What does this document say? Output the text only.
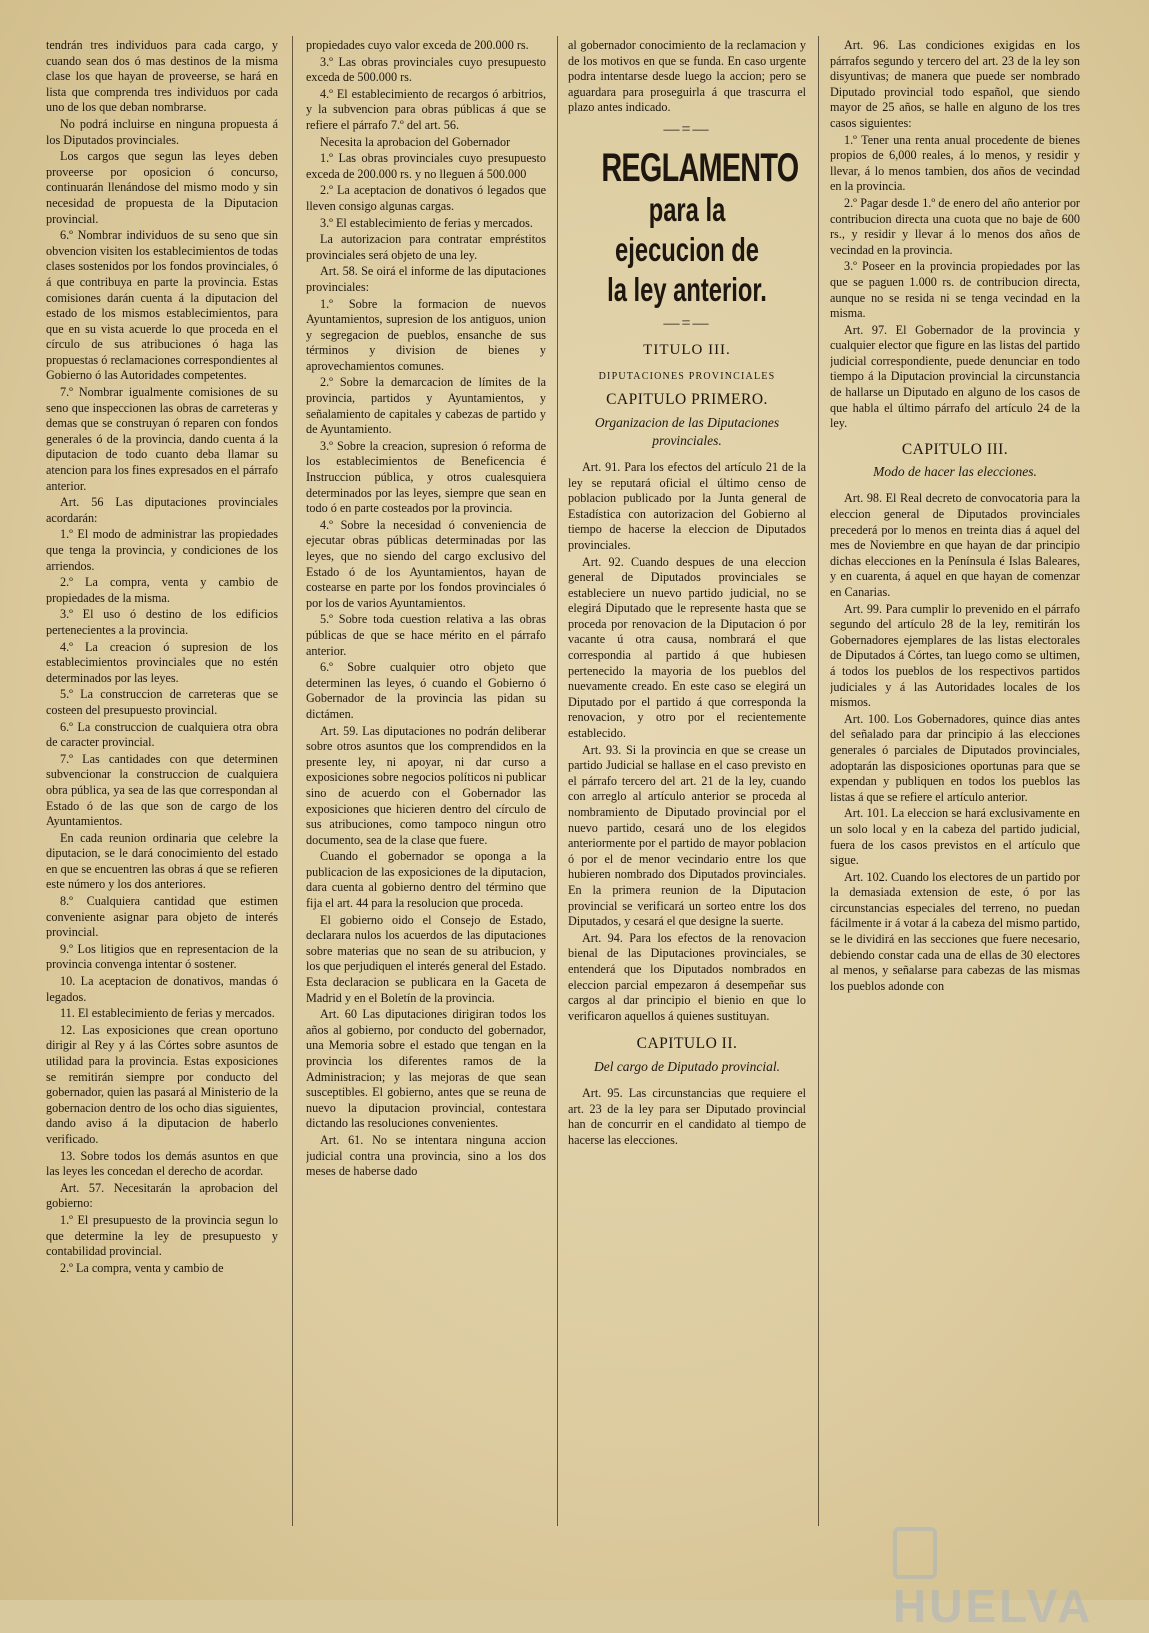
tendrán tres individuos para cada cargo, y cuando sean dos ó mas destinos de la misma clase los que hayan de proveerse, se hará en lista que comprenda tres individuos por cada uno de los que deban nombrarse.

No podrá incluirse en ninguna propuesta á los Diputados provinciales.

Los cargos que segun las leyes deben proveerse por oposicion ó concurso, continuarán llenándose del mismo modo y sin necesidad de propuesta de la Diputacion provincial.

6.º Nombrar individuos de su seno que sin obvencion visiten los establecimientos de todas clases sostenidos por los fondos provinciales, ó á que contribuya en parte la provincia. Estas comisiones darán cuenta á la diputacion del estado de los mismos establecimientos, para que en su vista acuerde lo que proceda en el círculo de sus atribuciones ó haga las propuestas ó reclamaciones correspondientes al Gobierno ó las Autoridades competentes.

7.º Nombrar igualmente comisiones de su seno que inspeccionen las obras de carreteras y demas que se construyan ó reparen con fondos generales ó de la provincia, dando cuenta á la diputacion de todo cuanto deba llamar su atencion para los fines expresados en el párrafo anterior.

Art. 56 Las diputaciones provinciales acordarán:

1.º El modo de administrar las propiedades que tenga la provincia, y condiciones de los arriendos.

2.º La compra, venta y cambio de propiedades de la misma.

3.º El uso ó destino de los edificios pertenecientes a la provincia.

4.º La creacion ó supresion de los establecimientos provinciales que no estén determinados por las leyes.

5.º La construccion de carreteras que se costeen del presupuesto provincial.

6.º La construccion de cualquiera otra obra de caracter provincial.

7.º Las cantidades con que determinen subvencionar la construccion de cualquiera obra pública, ya sea de las que correspondan al Estado ó de las que son de cargo de los Ayuntamientos.

En cada reunion ordinaria que celebre la diputacion, se le dará conocimiento del estado en que se encuentren las obras á que se refieren este número y los dos anteriores.

8.º Cualquiera cantidad que estimen conveniente asignar para objeto de interés provincial.

9.º Los litigios que en representacion de la provincia convenga intentar ó sostener.

10. La aceptacion de donativos, mandas ó legados.

11. El establecimiento de ferias y mercados.

12. Las exposiciones que crean oportuno dirigir al Rey y á las Córtes sobre asuntos de utilidad para la provincia. Estas exposiciones se remitirán siempre por conducto del gobernador, quien las pasará al Ministerio de la gobernacion dentro de los ocho dias siguientes, dando aviso á la diputacion de haberlo verificado.

13. Sobre todos los demás asuntos en que las leyes les concedan el derecho de acordar.

Art. 57. Necesitarán la aprobacion del gobierno:

1.º El presupuesto de la provincia segun lo que determine la ley de presupuesto y contabilidad provincial.

2.º La compra, venta y cambio de

propiedades cuyo valor exceda de 200.000 rs.

3.º Las obras provinciales cuyo presupuesto exceda de 500.000 rs.

4.º El establecimiento de recargos ó arbitrios, y la subvencion para obras públicas á que se refiere el párrafo 7.º del art. 56.

Necesita la aprobacion del Gobernador

1.º Las obras provinciales cuyo presupuesto exceda de 200.000 rs. y no lleguen á 500.000

2.º La aceptacion de donativos ó legados que lleven consigo algunas cargas.

3.º El establecimiento de ferias y mercados.

La autorizacion para contratar empréstitos provinciales será objeto de una ley.

Art. 58. Se oirá el informe de las diputaciones provinciales:

1.º Sobre la formacion de nuevos Ayuntamientos, supresion de los antiguos, union y segregacion de pueblos, ensanche de sus términos y division de bienes y aprovechamientos comunes.

2.º Sobre la demarcacion de límites de la provincia, partidos y Ayuntamientos, y señalamiento de capitales y cabezas de partido y de Ayuntamiento.

3.º Sobre la creacion, supresion ó reforma de los establecimientos de Beneficencia é Instruccion pública, y otros cualesquiera determinados por las leyes, siempre que sean en todo ó en parte costeados por la provincia.

4.º Sobre la necesidad ó conveniencia de ejecutar obras públicas determinadas por las leyes, que no siendo del cargo exclusivo del Estado ó de los Ayuntamientos, hayan de costearse en parte por los fondos provinciales ó por los de varios Ayuntamientos.

5.º Sobre toda cuestion relativa a las obras públicas de que se hace mérito en el párrafo anterior.

6.º Sobre cualquier otro objeto que determinen las leyes, ó cuando el Gobierno ó Gobernador de la provincia las pidan su dictámen.

Art. 59. Las diputaciones no podrán deliberar sobre otros asuntos que los comprendidos en la presente ley, ni apoyar, ni dar curso a exposiciones sobre negocios políticos ni publicar sino de acuerdo con el Gobernador las exposiciones que hicieren dentro del círculo de sus atribuciones, como tampoco ningun otro documento, sea de la clase que fuere.

Cuando el gobernador se oponga a la publicacion de las exposiciones de la diputacion, dara cuenta al gobierno dentro del término que fija el art. 44 para la resolucion que proceda.

El gobierno oido el Consejo de Estado, declarara nulos los acuerdos de las diputaciones sobre materias que no sean de su atribucion, y los que perjudiquen el interés general del Estado. Esta declaracion se publicara en la Gaceta de Madrid y en el Boletín de la provincia.

Art. 60 Las diputaciones dirigiran todos los años al gobierno, por conducto del gobernador, una Memoria sobre el estado que tengan en la provincia los diferentes ramos de la Administracion; y las mejoras de que sean susceptibles. El gobierno, antes que se reuna de nuevo la diputacion provincial, contestara dictando las resoluciones convenientes.

Art. 61. No se intentara ninguna accion judicial contra una provincia, sino a los dos meses de haberse dado

al gobernador conocimiento de la reclamacion y de los motivos en que se funda. En caso urgente podra intentarse desde luego la accion; pero se aguardara para proseguirla á que trascurra el plazo antes indicado.

—=—
REGLAMENTO
para la ejecucion de
la ley anterior.
—=—
TITULO III.
DIPUTACIONES PROVINCIALES
CAPITULO PRIMERO.
Organizacion de las Diputaciones provinciales.

Art. 91. Para los efectos del artículo 21 de la ley se reputará oficial el último censo de poblacion publicado por la Junta general de Estadística con autorizacion del Gobierno al tiempo de hacerse la eleccion de Diputados provinciales.

Art. 92. Cuando despues de una eleccion general de Diputados provinciales se estableciere un nuevo partido judicial, no se elegirá Diputado que le represente hasta que se proceda por renovacion de la Diputacion ó por vacante ú otra causa, nombrará el que correspondia al partido á que hubiesen pertenecido la mayoria de los pueblos del nuevamente creado. En este caso se elegirá un Diputado por el partido á que corresponda la renovacion, y otro por el recientemente establecido.

Art. 93. Si la provincia en que se crease un partido Judicial se hallase en el caso previsto en el párrafo tercero del art. 21 de la ley, cuando con arreglo al artículo anterior se proceda al nombramiento de Diputado provincial por el nuevo partido, cesará uno de los elegidos anteriormente por el partido de mayor poblacion ó por el de menor vecindario entre los que hubieren nombrado dos Diputados provinciales. En la primera reunion de la Diputacion provincial se verificará un sorteo entre los dos Diputados, y cesará el que designe la suerte.

Art. 94. Para los efectos de la renovacion bienal de las Diputaciones provinciales, se entenderá que los Diputados nombrados en eleccion parcial empezaron á desempeñar sus cargos al dar principio el bienio en que lo verificaron aquellos á quienes sustituyan.

CAPITULO II.
Del cargo de Diputado provincial.

Art. 95. Las circunstancias que requiere el art. 23 de la ley para ser Diputado provincial han de concurrir en el candidato al tiempo de hacerse las elecciones.

Art. 96. Las condiciones exigidas en los párrafos segundo y tercero del art. 23 de la ley son disyuntivas; de manera que puede ser nombrado Diputado provincial todo español, que siendo mayor de 25 años, se halle en alguno de los tres casos siguientes:

1.º Tener una renta anual procedente de bienes propios de 6,000 reales, á lo menos, y residir y llevar, á lo menos tambien, dos años de vecindad en la provincia.

2.º Pagar desde 1.º de enero del año anterior por contribucion directa una cuota que no baje de 600 rs., y residir y llevar á lo menos dos años de vecindad en la provincia.

3.º Poseer en la provincia propiedades por las que se paguen 1.000 rs. de contribucion directa, aunque no se resida ni se tenga vecindad en la misma.

Art. 97. El Gobernador de la provincia y cualquier elector que figure en las listas del partido judicial correspondiente, puede denunciar en todo tiempo á la Diputacion provincial la circunstancia de hallarse un Diputado en alguno de los casos de que habla el último párrafo del artículo 24 de la ley.

CAPITULO III.
Modo de hacer las elecciones.

Art. 98. El Real decreto de convocatoria para la eleccion general de Diputados provinciales precederá por lo menos en treinta dias á aquel del mes de Noviembre en que hayan de dar principio dichas elecciones en la Península é Islas Baleares, y en cuarenta, á aquel en que hayan de comenzar en Canarias.

Art. 99. Para cumplir lo prevenido en el párrafo segundo del artículo 28 de la ley, remitirán los Gobernadores ejemplares de las listas electorales de Diputados á Córtes, tan luego como se ultimen, á todos los pueblos de los respectivos partidos judiciales y á las Autoridades locales de los mismos.

Art. 100. Los Gobernadores, quince dias antes del señalado para dar principio á las elecciones generales ó parciales de Diputados provinciales, adoptarán las disposiciones oportunas para que se expendan y publiquen en todos los pueblos las listas á que se refiere el artículo anterior.

Art. 101. La eleccion se hará exclusivamente en un solo local y en la cabeza del partido judicial, fuera de los casos previstos en el artículo que sigue.

Art. 102. Cuando los electores de un partido por la demasiada extension de este, ó por las circunstancias especiales del terreno, no puedan fácilmente ir á votar á la cabeza del mismo partido, se le dividirá en las secciones que fuere necesario, debiendo constar cada una de ellas de 30 electores al menos, y señalarse para cabezas de las mismas los pueblos adonde con

HUELVA
